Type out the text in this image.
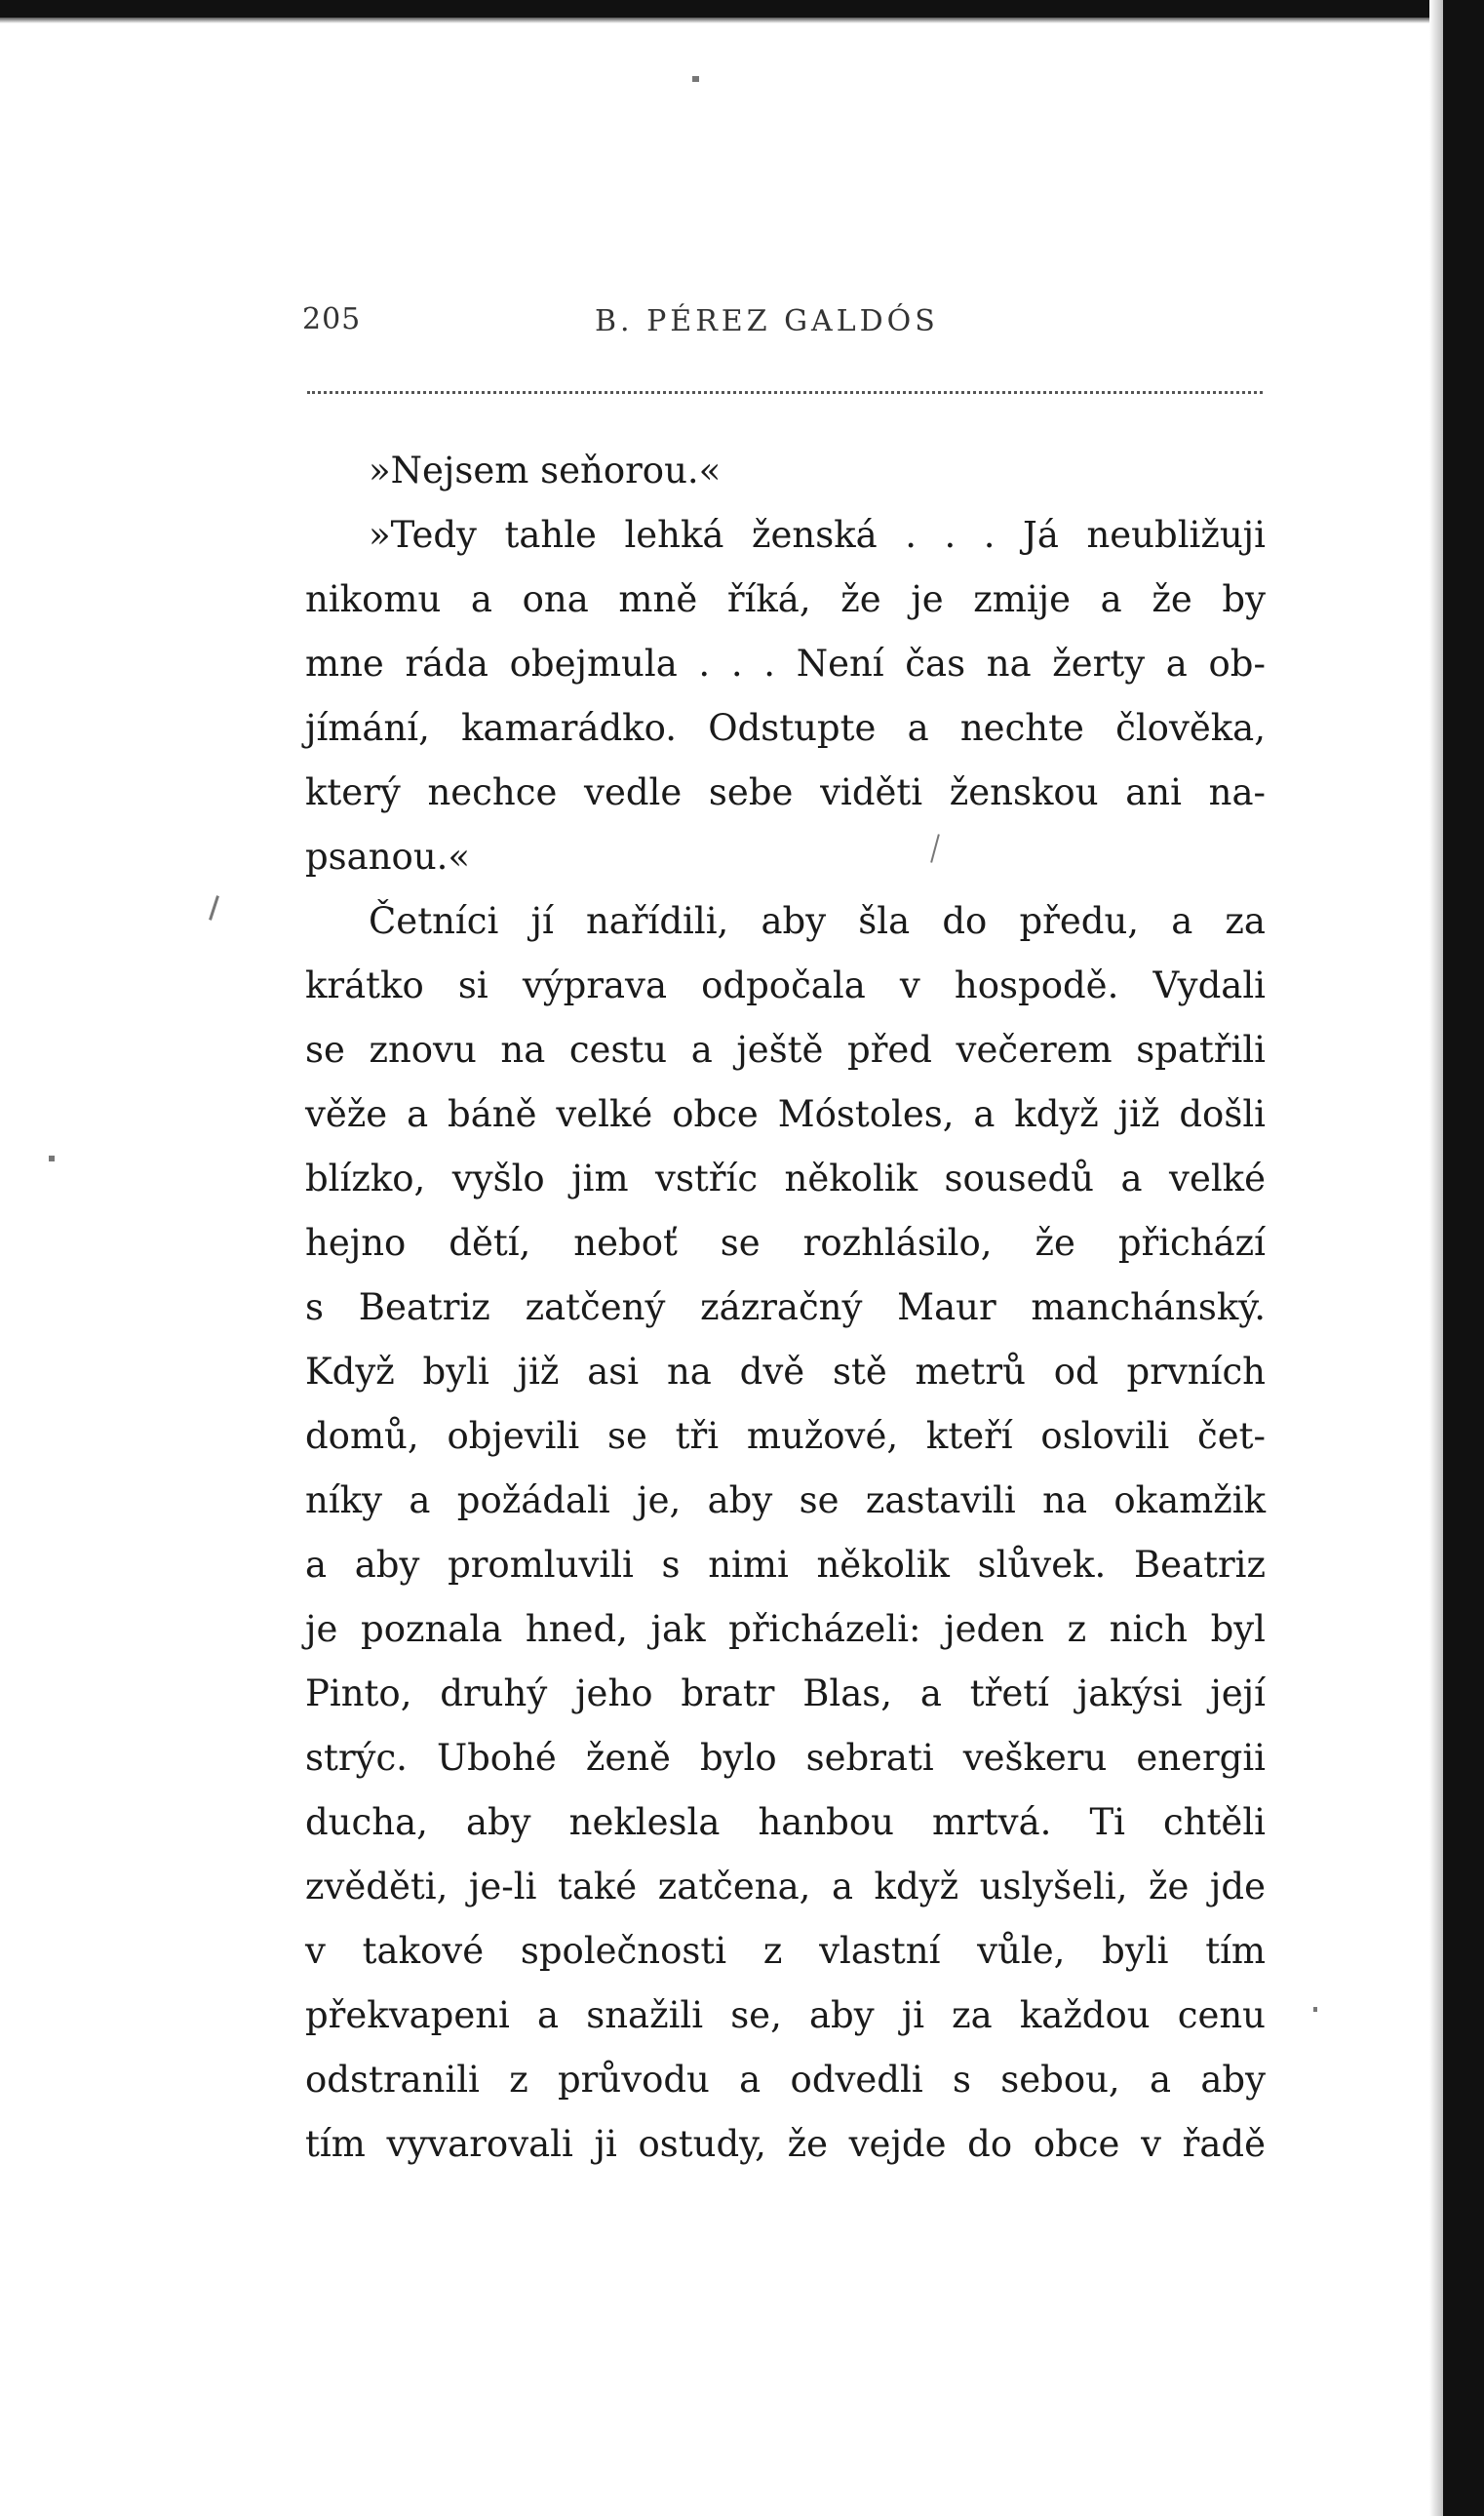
205	B. PÉREZ GALDÓS
»Nejsem seňorou.«
»Tedy tahle lehká ženská . . . Já neubližuji
nikomu a ona mně říká, že je zmije a že by
mne ráda obejmula . . . Není čas na žerty a ob-
jímání, kamarádko. Odstupte a nechte člověka,
který nechce vedle sebe viděti ženskou ani na-
psanou.«
Četníci jí nařídili, aby šla do předu, a za
krátko si výprava odpočala v hospodě. Vydali
se znovu na cestu a ještě před večerem spatřili
věže a báně velké obce Móstoles, a když již došli
blízko, vyšlo jim vstříc několik sousedů a velké
hejno dětí, neboť se rozhlásilo, že přichází
s Beatriz zatčený zázračný Maur manchánský.
Když byli již asi na dvě stě metrů od prvních
domů, objevili se tři mužové, kteří oslovili čet-
níky a požádali je, aby se zastavili na okamžik
a aby promluvili s nimi několik slůvek. Beatriz
je poznala hned, jak přicházeli: jeden z nich byl
Pinto, druhý jeho bratr Blas, a třetí jakýsi její
strýc. Ubohé ženě bylo sebrati veškeru energii
ducha, aby neklesla hanbou mrtvá. Ti chtěli
zvěděti, je-li také zatčena, a když uslyšeli, že jde
v takové společnosti z vlastní vůle, byli tím
překvapeni a snažili se, aby ji za každou cenu
odstranili z průvodu a odvedli s sebou, a aby
tím vyvarovali ji ostudy, že vejde do obce v řadě
